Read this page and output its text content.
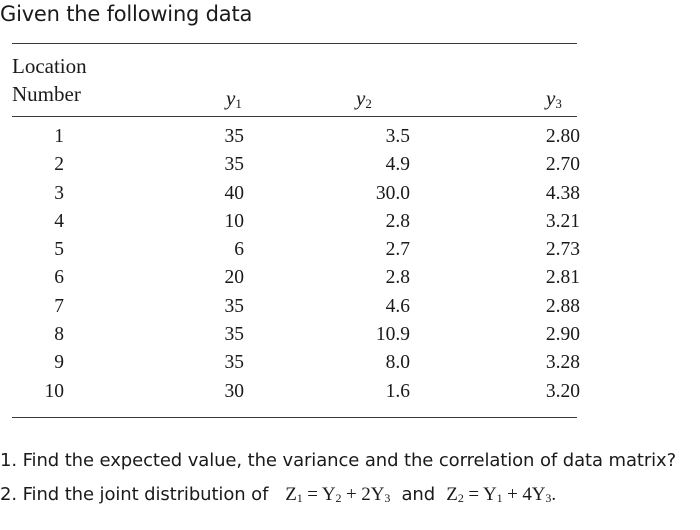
Given the following data
Location
Number	$y_1$	$y_2$	$y_3$
1	35	3.5	2.80
2	35	4.9	2.70
3	40	30.0	4.38
4	10	2.8	3.21
5	6	2.7	2.73
6	20	2.8	2.81
7	35	4.6	2.88
8	35	10.9	2.90
9	35	8.0	3.28
10	30	1.6	3.20
1. Find the expected value, the variance and the correlation of data matrix?
2. Find the joint distribution of $Z_1 = Y_2 + 2Y_3$ and $Z_2 = Y_1 + 4Y_3$.
